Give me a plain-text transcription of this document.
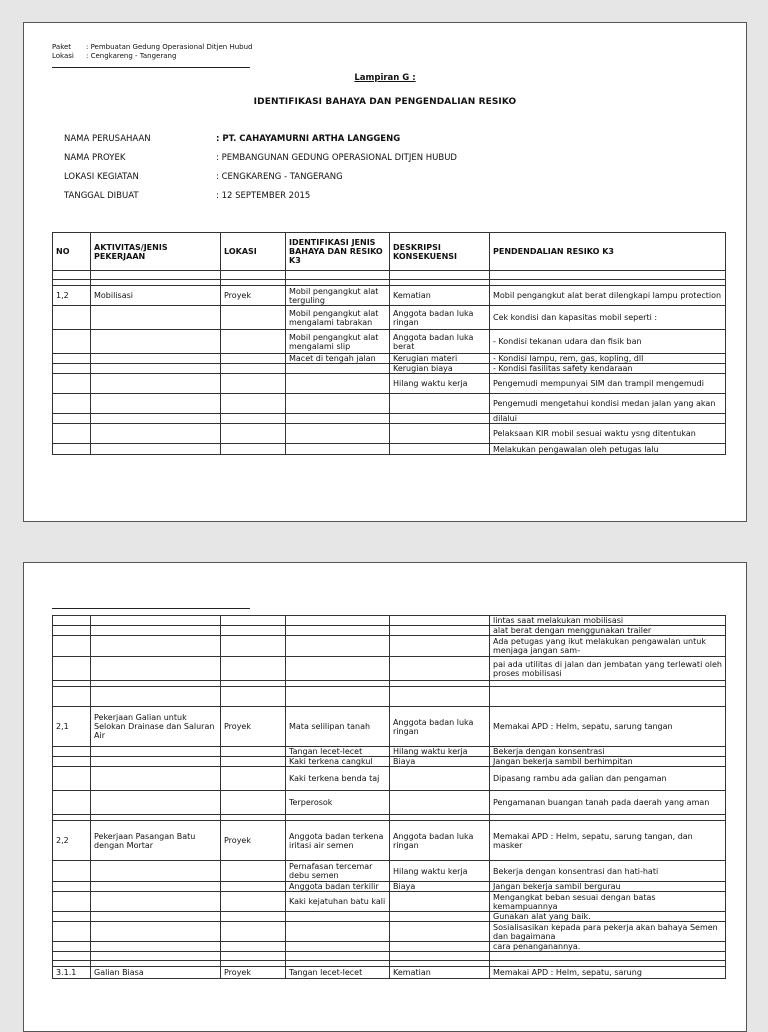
Paket	: Pembuatan Gedung Operasional Ditjen Hubud
Lokasi	: Cengkareng - Tangerang
Lampiran G :
IDENTIFIKASI BAHAYA DAN PENGENDALIAN RESIKO
NAMA PERUSAHAAN	: PT. CAHAYAMURNI ARTHA LANGGENG
NAMA PROYEK	: PEMBANGUNAN GEDUNG OPERASIONAL DITJEN HUBUD
LOKASI KEGIATAN	: CENGKARENG - TANGERANG
TANGGAL DIBUAT	: 12 SEPTEMBER 2015
NO	AKTIVITAS/JENIS PEKERJAAN	LOKASI	IDENTIFIKASI JENIS BAHAYA DAN RESIKO K3	DESKRIPSI KONSEKUENSI	PENDENDALIAN RESIKO K3

1,2	Mobilisasi	Proyek	Mobil pengangkut alat terguling	Kematian	Mobil pengangkut alat berat dilengkapi lampu protection
			Mobil pengangkut alat mengalami tabrakan	Anggota badan luka ringan	Cek kondisi dan kapasitas mobil seperti :
			Mobil pengangkut alat mengalami slip	Anggota badan luka berat	- Kondisi tekanan udara dan fisik ban
			Macet di tengah jalan	Kerugian materi	- Kondisi lampu, rem, gas, kopling, dll
				Kerugian biaya	- Kondisi fasilitas safety kendaraan
				Hilang waktu kerja	Pengemudi mempunyai SIM dan trampil mengemudi
					Pengemudi mengetahui kondisi medan jalan yang akan
					dilalui
					Pelaksaan KIR mobil sesuai waktu ysng ditentukan
					Melakukan pengawalan oleh petugas lalu
					lintas saat melakukan mobilisasi
					alat berat dengan menggunakan trailer
					Ada petugas yang ikut melakukan pengawalan untuk menjaga jangan sam-
					pai ada utilitas di jalan dan jembatan yang terlewati oleh proses mobilisasi

2,1	Pekerjaan Galian untuk Selokan Drainase dan Saluran Air	Proyek	Mata selilipan tanah	Anggota badan luka ringan	Memakai APD : Helm, sepatu, sarung tangan
			Tangan lecet-lecet	Hilang waktu kerja	Bekerja dengan konsentrasi
			Kaki terkena cangkul	Biaya	Jangan bekerja sambil berhimpitan
			Kaki terkena benda taj		Dipasang rambu ada galian dan pengaman
			Terperosok		Pengamanan buangan tanah pada daerah yang aman

2,2	Pekerjaan Pasangan Batu dengan Mortar	Proyek	Anggota badan terkena iritasi air semen	Anggota badan luka ringan	Memakai APD : Helm, sepatu, sarung tangan, dan masker
			Pernafasan tercemar debu semen	Hilang waktu kerja	Bekerja dengan konsentrasi dan hati-hati
			Anggota badan terkilir	Biaya	Jangan bekerja sambil bergurau
			Kaki kejatuhan batu kali		Mengangkat beban sesuai dengan batas kemampuannya
					Gunakan alat yang baik.
					Sosialisasikan kepada para pekerja akan bahaya Semen dan bagaimana
					cara penanganannya.

3.1.1	Galian Biasa	Proyek	Tangan lecet-lecet	Kematian	Memakai APD : Helm, sepatu, sarung
